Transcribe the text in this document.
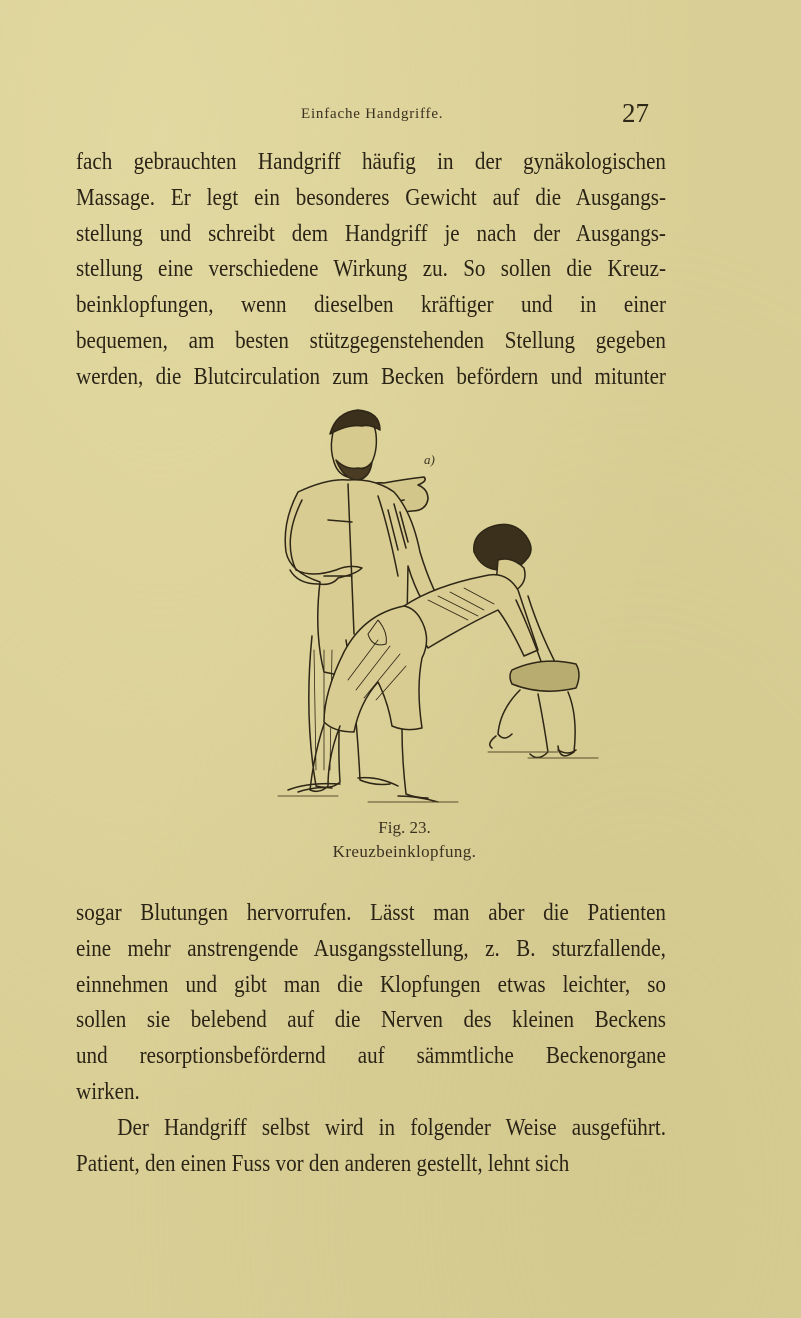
Einfache Handgriffe.	27
fach gebrauchten Handgriff häufig in der gynäkologischen
Massage. Er legt ein besonderes Gewicht auf die Ausgangs-
stellung und schreibt dem Handgriff je nach der Ausgangs-
stellung eine verschiedene Wirkung zu. So sollen die Kreuz-
beinklopfungen, wenn dieselben kräftiger und in einer
bequemen, am besten stützgegenstehenden Stellung gegeben
werden, die Blutcirculation zum Becken befördern und mitunter
a)
Fig. 23.
Kreuzbeinklopfung.
sogar Blutungen hervorrufen. Lässt man aber die Patienten
eine mehr anstrengende Ausgangsstellung, z. B. sturzfallende,
einnehmen und gibt man die Klopfungen etwas leichter, so
sollen sie belebend auf die Nerven des kleinen Beckens
und resorptionsbefördernd auf sämmtliche Beckenorgane
wirken.
Der Handgriff selbst wird in folgender Weise ausgeführt.
Patient, den einen Fuss vor den anderen gestellt, lehnt sich
